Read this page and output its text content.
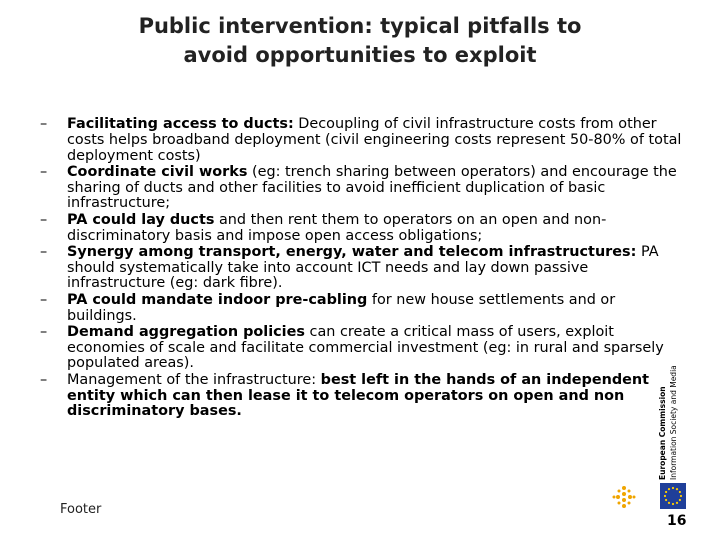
Public intervention: typical pitfalls to
avoid opportunities to exploit
–	Facilitating access to ducts: Decoupling of civil infrastructure costs from other costs helps broadband deployment (civil engineering costs represent 50-80% of total deployment costs)
–	Coordinate civil works (eg: trench sharing between operators) and encourage the sharing of ducts and other facilities to avoid inefficient duplication of basic infrastructure;
–	PA could lay ducts and then rent them to operators on an open and non-discriminatory basis and impose open access obligations;
–	Synergy among transport, energy, water and telecom infrastructures: PA should systematically take into account ICT needs and lay down passive infrastructure (eg: dark fibre).
–	PA could mandate indoor pre-cabling for new house settlements and or buildings.
–	Demand aggregation policies can create a critical mass of users, exploit economies of scale and facilitate commercial investment (eg: in rural and sparsely populated areas).
–	Management of the infrastructure: best left in the hands of an independent entity which can then lease it to telecom operators on open and non discriminatory bases.	European Commission Information Society and Media
Footer
16
